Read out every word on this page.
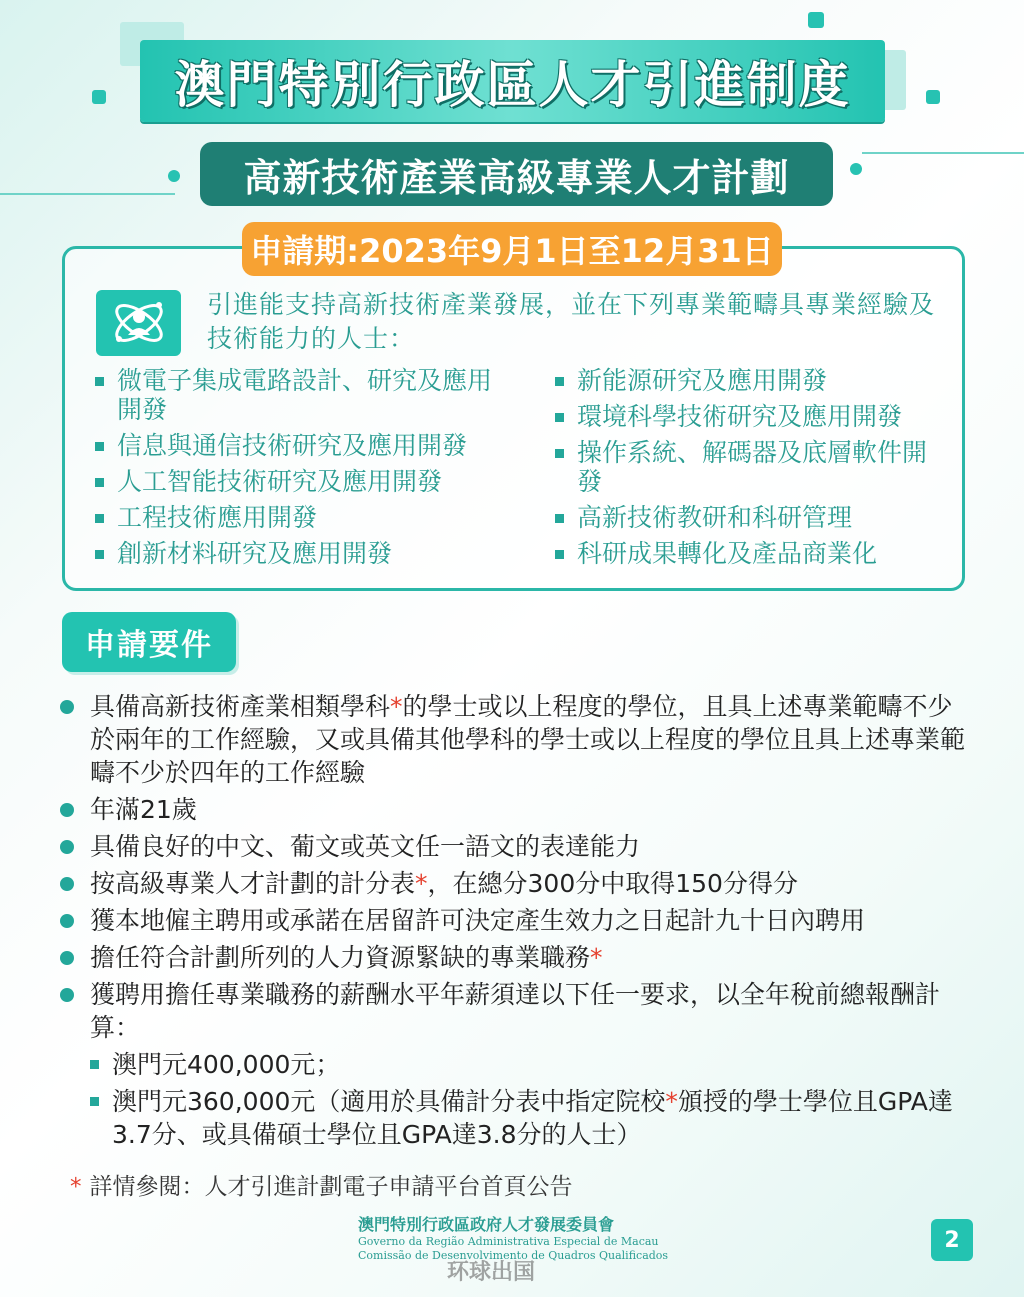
澳門特別行政區人才引進制度
高新技術產業高級專業人才計劃
申請期:2023年9月1日至12月31日
引進能支持高新技術產業發展，並在下列專業範疇具專業經驗及技術能力的人士：
微電子集成電路設計、研究及應用開發
信息與通信技術研究及應用開發
人工智能技術研究及應用開發
工程技術應用開發
創新材料研究及應用開發
新能源研究及應用開發
環境科學技術研究及應用開發
操作系統、解碼器及底層軟件開發
高新技術教研和科研管理
科研成果轉化及產品商業化
申請要件
具備高新技術產業相類學科*的學士或以上程度的學位，且具上述專業範疇不少於兩年的工作經驗，又或具備其他學科的學士或以上程度的學位且具上述專業範疇不少於四年的工作經驗
年滿21歲
具備良好的中文、葡文或英文任一語文的表達能力
按高級專業人才計劃的計分表*，在總分300分中取得150分得分
獲本地僱主聘用或承諾在居留許可決定產生效力之日起計九十日內聘用
擔任符合計劃所列的人力資源緊缺的專業職務*
獲聘用擔任專業職務的薪酬水平年薪須達以下任一要求，以全年稅前總報酬計算：
澳門元400,000元；
澳門元360,000元（適用於具備計分表中指定院校*頒授的學士學位且GPA達3.7分、或具備碩士學位且GPA達3.8分的人士）
* 詳情參閱：人才引進計劃電子申請平台首頁公告
澳門特別行政區政府人才發展委員會
Governo da Região Administrativa Especial de Macau
Comissão de Desenvolvimento de Quadros Qualificados
环球出国
2
